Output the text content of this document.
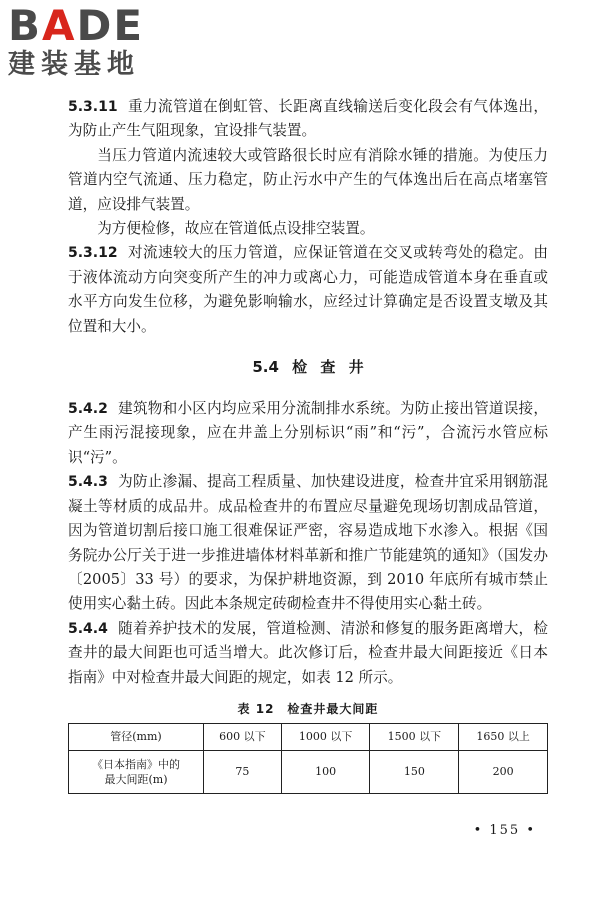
BADE
建装基地

5.3.11 重力流管道在倒虹管、长距离直线输送后变化段会有气体逸出，为防止产生气阻现象，宜设排气装置。

当压力管道内流速较大或管路很长时应有消除水锤的措施。为使压力管道内空气流通、压力稳定，防止污水中产生的气体逸出后在高点堵塞管道，应设排气装置。

为方便检修，故应在管道低点设排空装置。

5.3.12 对流速较大的压力管道，应保证管道在交叉或转弯处的稳定。由于液体流动方向突变所产生的冲力或离心力，可能造成管道本身在垂直或水平方向发生位移，为避免影响输水，应经过计算确定是否设置支墩及其位置和大小。

5.4 检 查 井

5.4.2 建筑物和小区内均应采用分流制排水系统。为防止接出管道误接，产生雨污混接现象，应在井盖上分别标识“雨”和“污”，合流污水管应标识“污”。

5.4.3 为防止渗漏、提高工程质量、加快建设进度，检查井宜采用钢筋混凝土等材质的成品井。成品检查井的布置应尽量避免现场切割成品管道，因为管道切割后接口施工很难保证严密，容易造成地下水渗入。根据《国务院办公厅关于进一步推进墙体材料革新和推广节能建筑的通知》（国发办〔2005〕33 号）的要求，为保护耕地资源，到 2010 年底所有城市禁止使用实心黏土砖。因此本条规定砖砌检查井不得使用实心黏土砖。

5.4.4 随着养护技术的发展，管道检测、清淤和修复的服务距离增大，检查井的最大间距也可适当增大。此次修订后，检查井最大间距接近《日本指南》中对检查井最大间距的规定，如表 12 所示。

表 12　检查井最大间距
管径(mm)	600 以下	1000 以下	1500 以下	1650 以上
《日本指南》中的
最大间距(m)	75	100	150	200
• 155 •
